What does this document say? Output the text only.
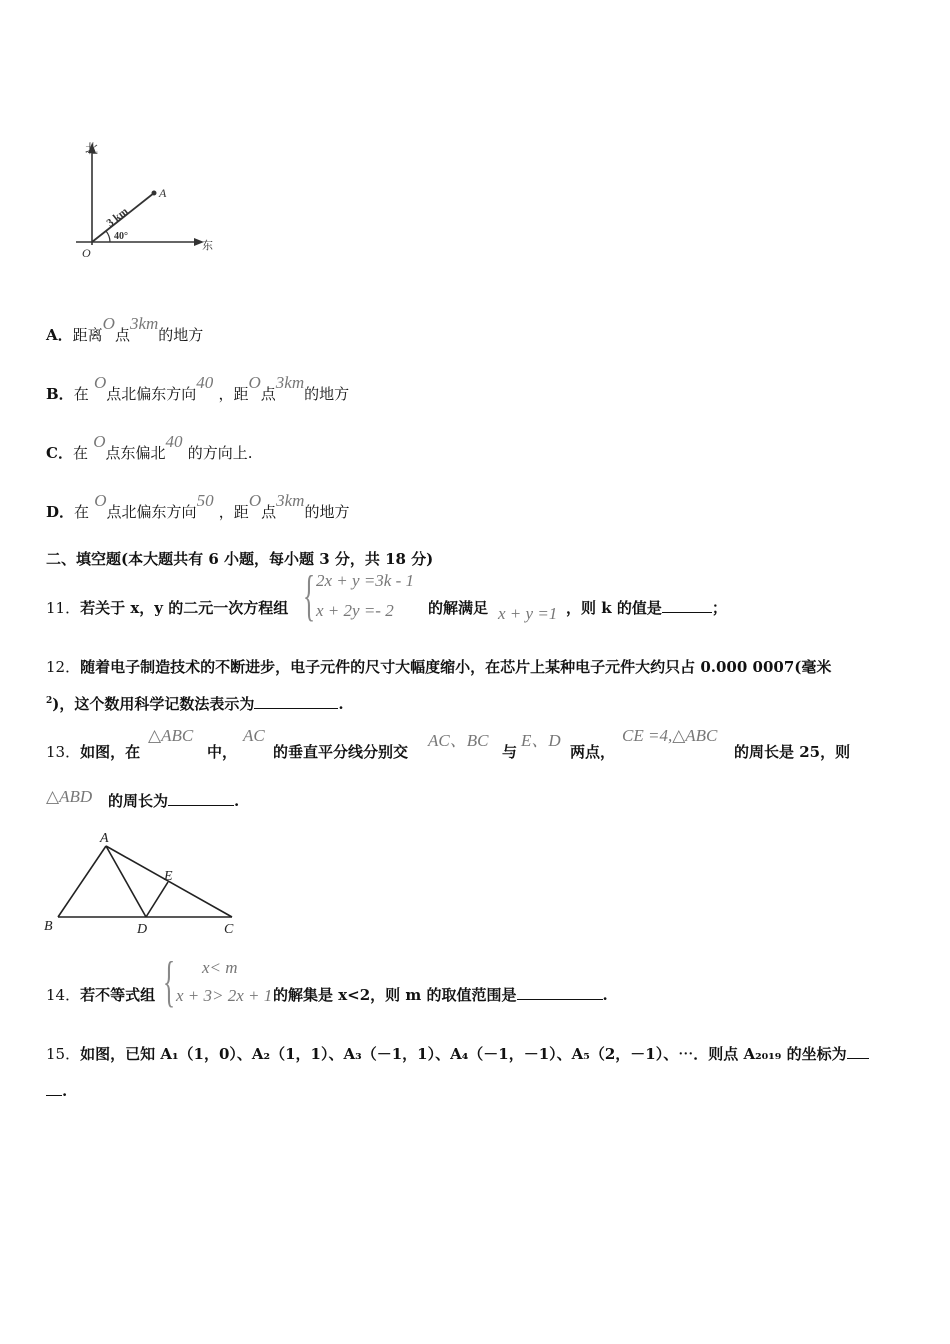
北
东
O
A
3 km
40°
A．距离O点3km的地方
B．在 O点北偏东方向40 ，距O点3km的地方
C．在 O点东偏北40 的方向上.
D．在 O点北偏东方向50 ，距O点3km的地方
二、填空题(本大题共有 6 小题，每小题 3 分，共 18 分)
11．若关于 x，y 的二元一次方程组 { 2x + y =3k - 1
x + 2y =- 2 的解满足 x + y =1 ，则 k 的值是	；
12．随着电子制造技术的不断进步，电子元件的尺寸大幅度缩小，在芯片上某种电子元件大约只占 0.000 0007(毫米
$^2$)，这个数用科学记数法表示为	.
13．如图，在
△ABC
中，
AC
的垂直平分线分别交
AC、BC
与
E、D
两点，
CE =4,△ABC
的周长是 25，则
△ABD 的周长为	.
A
B	C
D
E
14．若不等式组 { x< m
x + 3> 2x + 1 的解集是 x<2，则 m 的取值范围是	.
15．如图，已知 A₁（1，0）、A₂（1，1）、A₃（－1，1）、A₄（－1，－1）、A₅（2，－1）、⋯．则点 A₂₀₁₉ 的坐标为
.
